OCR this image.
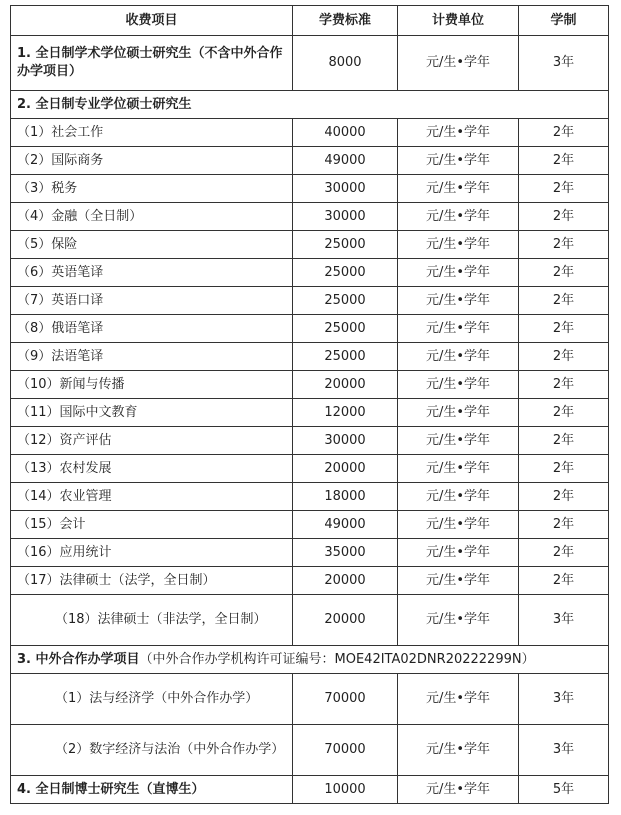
收费项目	学费标准	计费单位	学制
1. 全日制学术学位硕士研究生（不含中外合作办学项目）	8000	元/生•学年	3年
2. 全日制专业学位硕士研究生			
（1）社会工作	40000	元/生•学年	2年
（2）国际商务	49000	元/生•学年	2年
（3）税务	30000	元/生•学年	2年
（4）金融（全日制）	30000	元/生•学年	2年
（5）保险	25000	元/生•学年	2年
（6）英语笔译	25000	元/生•学年	2年
（7）英语口译	25000	元/生•学年	2年
（8）俄语笔译	25000	元/生•学年	2年
（9）法语笔译	25000	元/生•学年	2年
（10）新闻与传播	20000	元/生•学年	2年
（11）国际中文教育	12000	元/生•学年	2年
（12）资产评估	30000	元/生•学年	2年
（13）农村发展	20000	元/生•学年	2年
（14）农业管理	18000	元/生•学年	2年
（15）会计	49000	元/生•学年	2年
（16）应用统计	35000	元/生•学年	2年
（17）法律硕士（法学，全日制）	20000	元/生•学年	2年
（18）法律硕士（非法学，全日制）	20000	元/生•学年	3年
3. 中外合作办学项目（中外合作办学机构许可证编号：MOE42ITA02DNR20222299N）			
（1）法与经济学（中外合作办学）	70000	元/生•学年	3年
（2）数字经济与法治（中外合作办学）	70000	元/生•学年	3年
4. 全日制博士研究生（直博生）	10000	元/生•学年	5年
